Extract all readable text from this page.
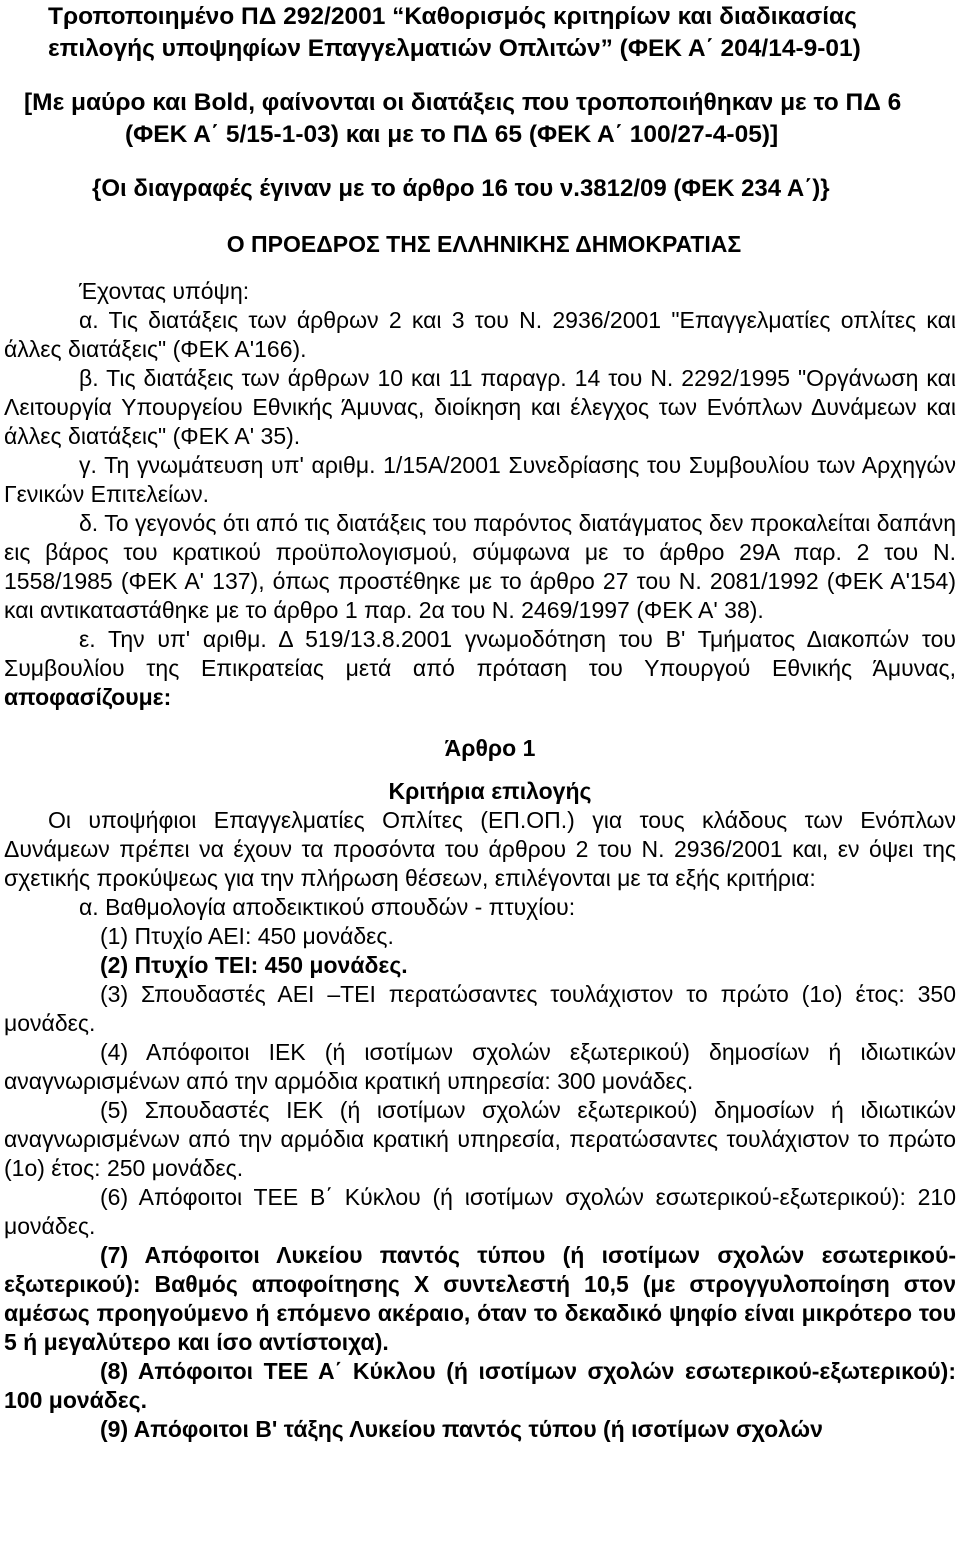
Τροποποιημένο ΠΔ 292/2001 “Καθορισμός κριτηρίων και διαδικασίας
επιλογής υποψηφίων Επαγγελματιών Οπλιτών” (ΦΕΚ Α΄ 204/14-9-01)
[Με μαύρο και Bold, φαίνονται οι διατάξεις που τροποποιήθηκαν με το ΠΔ 6
(ΦΕΚ Α΄ 5/15-1-03) και με το ΠΔ 65 (ΦΕΚ Α΄ 100/27-4-05)]
{Οι διαγραφές έγιναν με το άρθρο 16 του ν.3812/09 (ΦΕΚ 234 Α΄)}
Ο ΠΡΟΕΔΡΟΣ ΤΗΣ ΕΛΛΗΝΙΚΗΣ ΔΗΜΟΚΡΑΤΙΑΣ
Έχοντας υπόψη:

α. Τις διατάξεις των άρθρων 2 και 3 του Ν. 2936/2001 "Επαγγελματίες οπλίτες και άλλες διατάξεις" (ΦΕΚ Α'166).

β. Τις διατάξεις των άρθρων 10 και 11 παραγρ. 14 του Ν. 2292/1995 "Οργάνωση και Λειτουργία Υπουργείου Εθνικής Άμυνας, διοίκηση και έλεγχος των Ενόπλων Δυνάμεων και άλλες διατάξεις" (ΦΕΚ Α' 35).

γ. Τη γνωμάτευση υπ' αριθμ. 1/15Α/2001 Συνεδρίασης του Συμβουλίου των Αρχηγών Γενικών Επιτελείων.

δ. Το γεγονός ότι από τις διατάξεις του παρόντος διατάγματος δεν προκαλείται δαπάνη εις βάρος του κρατικού προϋπολογισμού, σύμφωνα με το άρθρο 29Α παρ. 2 του Ν. 1558/1985 (ΦΕΚ Α' 137), όπως προστέθηκε με το άρθρο 27 του Ν. 2081/1992 (ΦΕΚ Α'154) και αντικαταστάθηκε με το άρθρο 1 παρ. 2α του Ν. 2469/1997 (ΦΕΚ Α' 38).

ε. Την υπ' αριθμ. Δ 519/13.8.2001 γνωμοδότηση του Β' Τμήματος Διακοπών του Συμβουλίου της Επικρατείας μετά από πρόταση του Υπουργού Εθνικής Άμυνας, αποφασίζουμε:

Άρθρο 1
Κριτήρια επιλογής

Οι υποψήφιοι Επαγγελματίες Οπλίτες (ΕΠ.ΟΠ.) για τους κλάδους των Ενόπλων Δυνάμεων πρέπει να έχουν τα προσόντα του άρθρου 2 του Ν. 2936/2001 και, εν όψει της σχετικής προκύψεως για την πλήρωση θέσεων, επιλέγονται με τα εξής κριτήρια:

α. Βαθμολογία αποδεικτικού σπουδών - πτυχίου:

(1) Πτυχίο ΑΕΙ: 450 μονάδες.

(2) Πτυχίο ΤΕΙ: 450 μονάδες.

(3) Σπουδαστές ΑΕΙ –ΤΕΙ περατώσαντες τουλάχιστον το πρώτο (1ο) έτος: 350 μονάδες.

(4) Απόφοιτοι ΙΕΚ (ή ισοτίμων σχολών εξωτερικού) δημοσίων ή ιδιωτικών αναγνωρισμένων από την αρμόδια κρατική υπηρεσία: 300 μονάδες.

(5) Σπουδαστές ΙΕΚ (ή ισοτίμων σχολών εξωτερικού) δημοσίων ή ιδιωτικών αναγνωρισμένων από την αρμόδια κρατική υπηρεσία, περατώσαντες τουλάχιστον το πρώτο (1ο) έτος: 250 μονάδες.

(6) Απόφοιτοι ΤΕΕ Β΄ Κύκλου (ή ισοτίμων σχολών εσωτερικού-εξωτερικού): 210 μονάδες.

(7) Απόφοιτοι Λυκείου παντός τύπου (ή ισοτίμων σχολών εσωτερικού-εξωτερικού): Βαθμός αποφοίτησης Χ συντελεστή 10,5 (με στρογγυλοποίηση στον αμέσως προηγούμενο ή επόμενο ακέραιο, όταν το δεκαδικό ψηφίο είναι μικρότερο του 5 ή μεγαλύτερο και ίσο αντίστοιχα).

(8) Απόφοιτοι ΤΕΕ Α΄ Κύκλου (ή ισοτίμων σχολών εσωτερικού-εξωτερικού): 100 μονάδες.

(9) Απόφοιτοι Β' τάξης Λυκείου παντός τύπου (ή ισοτίμων σχολών
